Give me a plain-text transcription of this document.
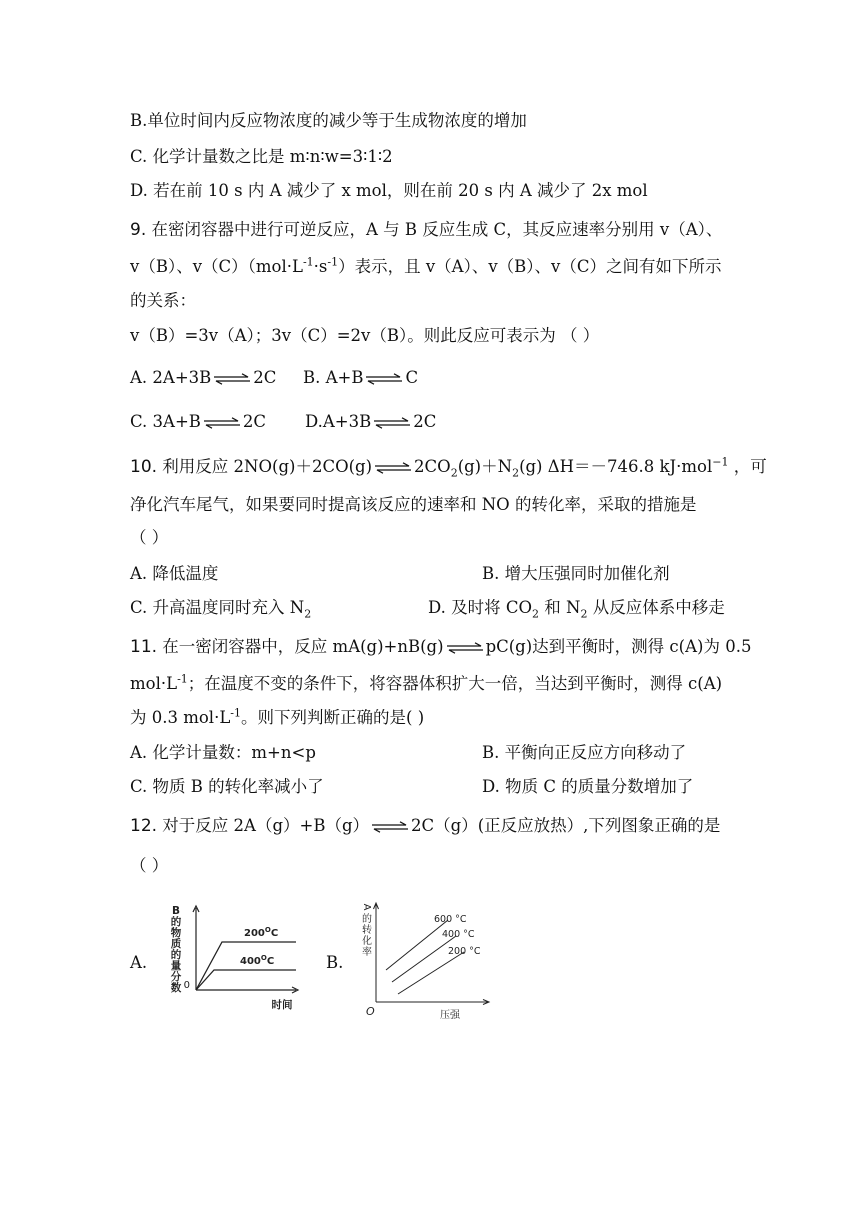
B.单位时间内反应物浓度的减少等于生成物浓度的增加
C. 化学计量数之比是 m∶n∶w=3∶1∶2
D. 若在前 10 s 内 A 减少了 x mol，则在前 20 s 内 A 减少了 2x mol
9. 在密闭容器中进行可逆反应，A 与 B 反应生成 C，其反应速率分别用 v（A）、
v（B）、$v(C)(mol\cdot L^{-1}\cdot s^{-1})$表示，且 v（A）、v（B）、v（C）之间有如下所示
的关系：
v（B）=3v（A）；3v（C）=2v（B）。则此反应可表示为 （ ）
A. 2A+3B⇌2C B. A+B⇌C
C. 3A+B⇌2C D.A+3B⇌2C
10. 利用反应 $2NO(g)+2CO(g)\rightleftharpoons 2CO_2(g)+N_2(g)$ ΔH＝－746.8 kJ·mol$^{-1}$ ，可
净化汽车尾气，如果要同时提高该反应的速率和 NO 的转化率，采取的措施是
（ ）
A. 降低温度	B. 增大压强同时加催化剂
C. 升高温度同时充入 $N_2$	D. 及时将 $CO_2$ 和 $N_2$ 从反应体系中移走
11. 在一密闭容器中，反应 mA(g)+nB(g)⇌pC(g)达到平衡时，测得 c(A)为 0.5
$mol\cdot L^{-1}$；在温度不变的条件下，将容器体积扩大一倍，当达到平衡时，测得 c(A)
为 0.3 $mol\cdot L^{-1}$。则下列判断正确的是( )
A. 化学计量数：m+n<p	B. 平衡向正反应方向移动了
C. 物质 B 的转化率减小了	D. 物质 C 的质量分数增加了
12. 对于反应 2A（g）+B（g）⇌2C（g）(正反应放热）,下列图象正确的是
（ ）
A.	B.
B
的
物
质
的
量
分
数 0
$200^OC$
$400^OC$
时间
A
的
转
化
率
O
600 °C
400 °C
200 °C
压强
